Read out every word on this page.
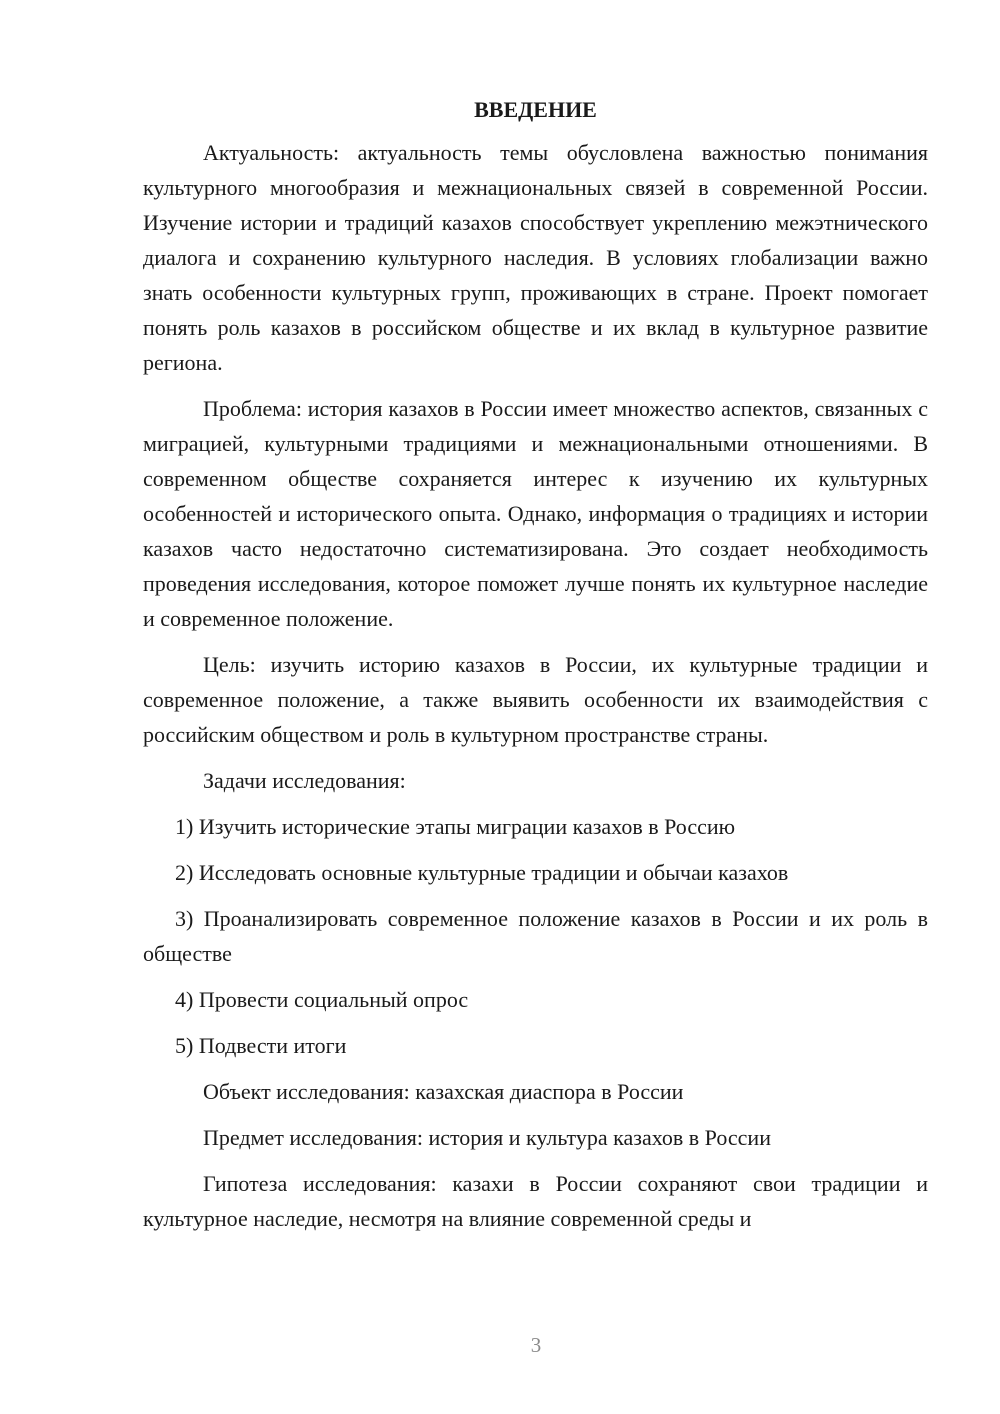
ВВЕДЕНИЕ

Актуальность: актуальность темы обусловлена важностью понимания культурного многообразия и межнациональных связей в современной России. Изучение истории и традиций казахов способствует укреплению межэтнического диалога и сохранению культурного наследия. В условиях глобализации важно знать особенности культурных групп, проживающих в стране. Проект помогает понять роль казахов в российском обществе и их вклад в культурное развитие региона.

Проблема: история казахов в России имеет множество аспектов, связанных с миграцией, культурными традициями и межнациональными отношениями. В современном обществе сохраняется интерес к изучению их культурных особенностей и исторического опыта. Однако, информация о традициях и истории казахов часто недостаточно систематизирована. Это создает необходимость проведения исследования, которое поможет лучше понять их культурное наследие и современное положение.

Цель: изучить историю казахов в России, их культурные традиции и современное положение, а также выявить особенности их взаимодействия с российским обществом и роль в культурном пространстве страны.

Задачи исследования:

1) Изучить исторические этапы миграции казахов в Россию

2) Исследовать основные культурные традиции и обычаи казахов

3) Проанализировать современное положение казахов в России и их роль в обществе

4) Провести социальный опрос

5) Подвести итоги

Объект исследования: казахская диаспора в России

Предмет исследования: история и культура казахов в России

Гипотеза исследования: казахи в России сохраняют свои традиции и культурное наследие, несмотря на влияние современной среды и

3
